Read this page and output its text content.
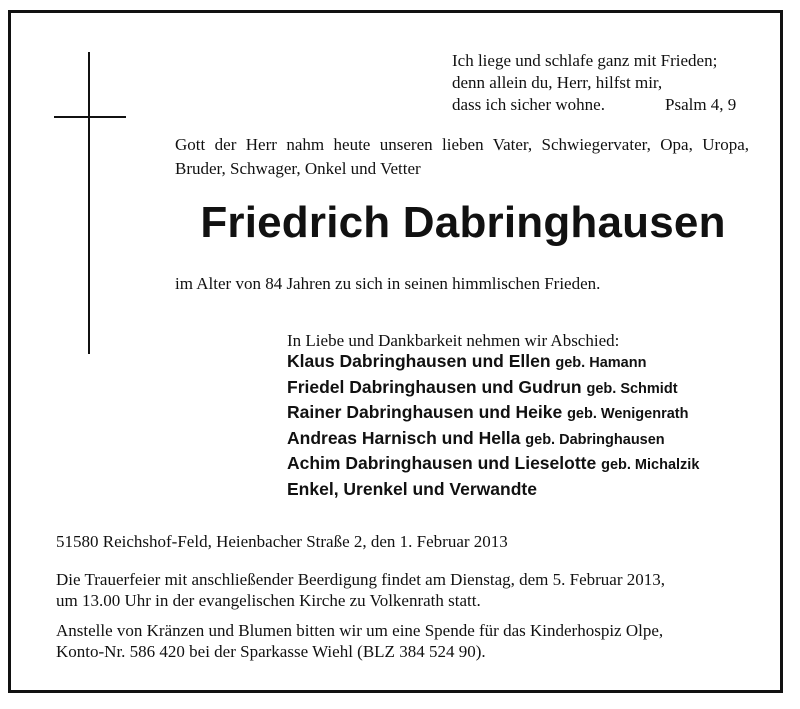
Ich liege und schlafe ganz mit Frieden;
denn allein du, Herr, hilfst mir,
dass ich sicher wohne.	Psalm 4, 9
Gott der Herr nahm heute unseren lieben Vater, Schwiegervater, Opa, Uropa, Bruder, Schwager, Onkel und Vetter
Friedrich Dabringhausen
im Alter von 84 Jahren zu sich in seinen himmlischen Frieden.
In Liebe und Dankbarkeit nehmen wir Abschied:
Klaus Dabringhausen und Ellen geb. Hamann
Friedel Dabringhausen und Gudrun geb. Schmidt
Rainer Dabringhausen und Heike geb. Wenigenrath
Andreas Harnisch und Hella geb. Dabringhausen
Achim Dabringhausen und Lieselotte geb. Michalzik
Enkel, Urenkel und Verwandte
51580 Reichshof-Feld, Heienbacher Straße 2, den 1. Februar 2013
Die Trauerfeier mit anschließender Beerdigung findet am Dienstag, dem 5. Februar 2013,
um 13.00 Uhr in der evangelischen Kirche zu Volkenrath statt.
Anstelle von Kränzen und Blumen bitten wir um eine Spende für das Kinderhospiz Olpe,
Konto-Nr. 586 420 bei der Sparkasse Wiehl (BLZ 384 524 90).
